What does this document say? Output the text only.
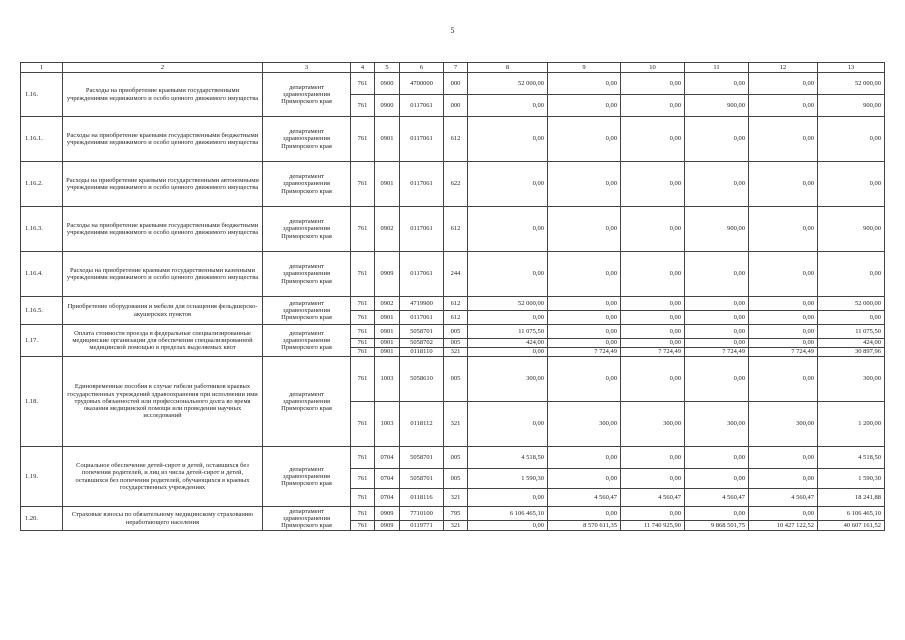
5
1	2	3	4	5	6	7	8	9	10	11	12	13
1.16.	Расходы на приобретение краевыми государственными учреждениями недвижимого и особо ценного движимого имущества	департамент здравоохранения Приморского края	761	0900	4700000	000	52 000,00	0,00	0,00	0,00	0,00	52 000,00
			761	0900	0117061	000	0,00	0,00	0,00	900,00	0,00	900,00
1.16.1.	Расходы на приобретение краевыми государственными бюджетными учреждениями недвижимого и особо ценного движимого имущества	департамент здравоохранения Приморского края	761	0901	0117061	612	0,00	0,00	0,00	0,00	0,00	0,00
1.16.2.	Расходы на приобретение краевыми государственными автономными учреждениями недвижимого и особо ценного движимого имущества	департамент здравоохранения Приморского края	761	0901	0117061	622	0,00	0,00	0,00	0,00	0,00	0,00
1.16.3.	Расходы на приобретение краевыми государственными бюджетными учреждениями недвижимого и особо ценного движимого имущества	департамент здравоохранения Приморского края	761	0902	0117061	612	0,00	0,00	0,00	900,00	0,00	900,00
1.16.4.	Расходы на приобретение краевыми государственными казенными учреждениями недвижимого и особо ценного движимого имущества	департамент здравоохранения Приморского края	761	0909	0117061	244	0,00	0,00	0,00	0,00	0,00	0,00
1.16.5.	Приобретение оборудования и мебели для оснащения фельдшерско-акушерских пунктов	департамент здравоохранения Приморского края	761	0902	4719900	612	52 000,00	0,00	0,00	0,00	0,00	52 000,00
			761	0901	0117061	612	0,00	0,00	0,00	0,00	0,00	0,00
1.17.	Оплата стоимости проезда в федеральные специализированные медицинские организации для обеспечения специализированной медицинской помощью в пределах выделяемых квот	департамент здравоохранения Приморского края	761	0901	5058701	005	11 075,50	0,00	0,00	0,00	0,00	11 075,50
			761	0901	5058702	005	424,00	0,00	0,00	0,00	0,00	424,00
			761	0901	0118110	321	0,00	7 724,49	7 724,49	7 724,49	7 724,49	30 897,96
1.18.	Единовременные пособия в случае гибели работников краевых государственных учреждений здравоохранения при исполнении ими трудовых обязанностей или профессионального долга во время оказания медицинской помощи или проведения научных исследований	департамент здравоохранения Приморского края	761	1003	5058610	005	300,00	0,00	0,00	0,00	0,00	300,00
			761	1003	0118112	321	0,00	300,00	300,00	300,00	300,00	1 200,00
1.19.	Социальное обеспечение детей-сирот и детей, оставшихся без попечения родителей, и лиц из числа детей-сирот и детей, оставшихся без попечения родителей, обучающихся в краевых государственных учреждениях	департамент здравоохранения Приморского края	761	0704	5058701	005	4 518,50	0,00	0,00	0,00	0,00	4 518,50
			761	0704	5058701	005	1 590,30	0,00	0,00	0,00	0,00	1 590,30
			761	0704	0118116	321	0,00	4 560,47	4 560,47	4 560,47	4 560,47	18 241,88
1.20.	Страховые взносы по обязательному медицинскому страхованию неработающего населения	департамент здравоохранения Приморского края	761	0909	7710100	795	6 106 465,10	0,00	0,00	0,00	0,00	6 106 465,10
			761	0909	0119771	321	0,00	8 570 611,35	11 740 925,90	9 868 501,75	10 427 122,52	40 607 161,52
